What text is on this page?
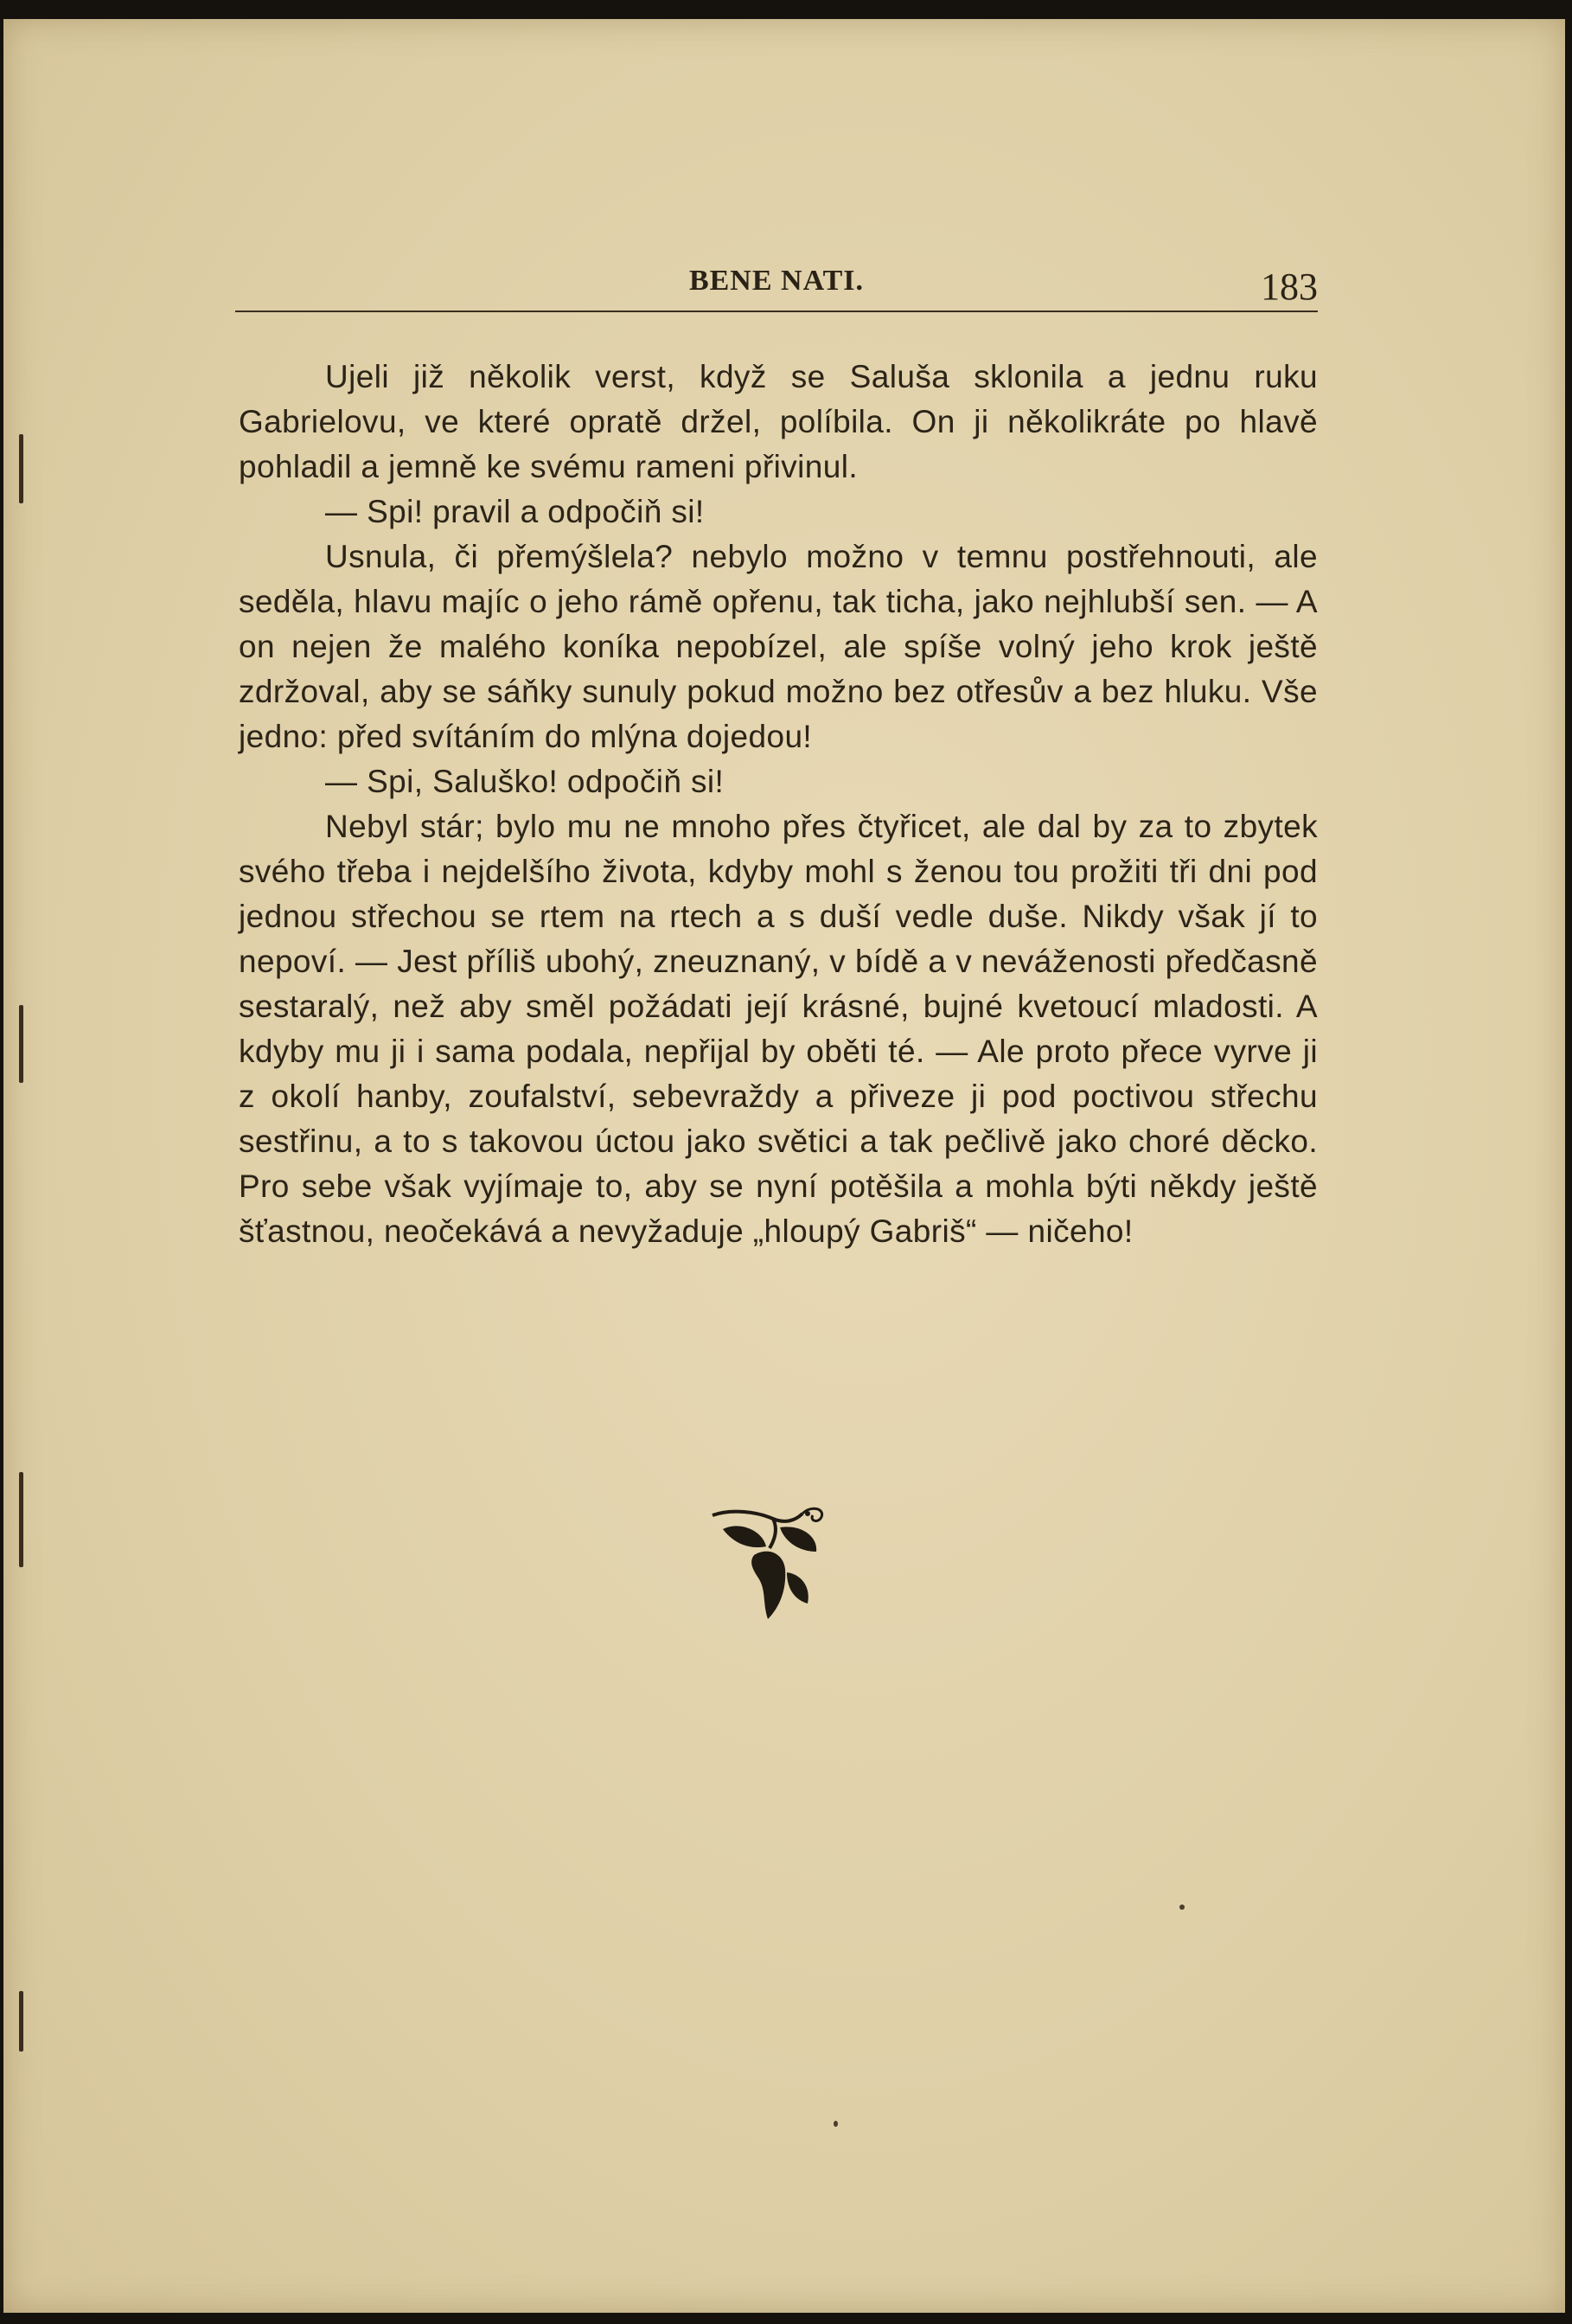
BENE NATI.	183

Ujeli již několik verst, když se Saluša sklonila a jednu ruku Gabrielovu, ve které opratě držel, políbila. On ji několikráte po hlavě pohladil a jemně ke svému rameni přivinul.

— Spi! pravil a odpočiň si!

Usnula, či přemýšlela? nebylo možno v temnu postřehnouti, ale seděla, hlavu majíc o jeho rámě opřenu, tak ticha, jako nejhlubší sen. — A on nejen že malého koníka nepobízel, ale spíše volný jeho krok ještě zdržoval, aby se sáňky sunuly pokud možno bez otřesův a bez hluku. Vše jedno: před svítáním do mlýna dojedou!

— Spi, Saluško! odpočiň si!

Nebyl stár; bylo mu ne mnoho přes čtyřicet, ale dal by za to zbytek svého třeba i nejdelšího života, kdyby mohl s ženou tou prožiti tři dni pod jednou střechou se rtem na rtech a s duší vedle duše. Nikdy však jí to nepoví. — Jest příliš ubohý, zneuznaný, v bídě a v neváženosti předčasně sestaralý, než aby směl požádati její krásné, bujné kvetoucí mladosti. A kdyby mu ji i sama podala, nepřijal by oběti té. — Ale proto přece vyrve ji z okolí hanby, zoufalství, sebevraždy a přiveze ji pod poctivou střechu sestřinu, a to s takovou úctou jako světici a tak pečlivě jako choré děcko. Pro sebe však vyjímaje to, aby se nyní potěšila a mohla býti někdy ještě šťastnou, neočekává a nevyžaduje „hloupý Gabriš“ — ničeho!
